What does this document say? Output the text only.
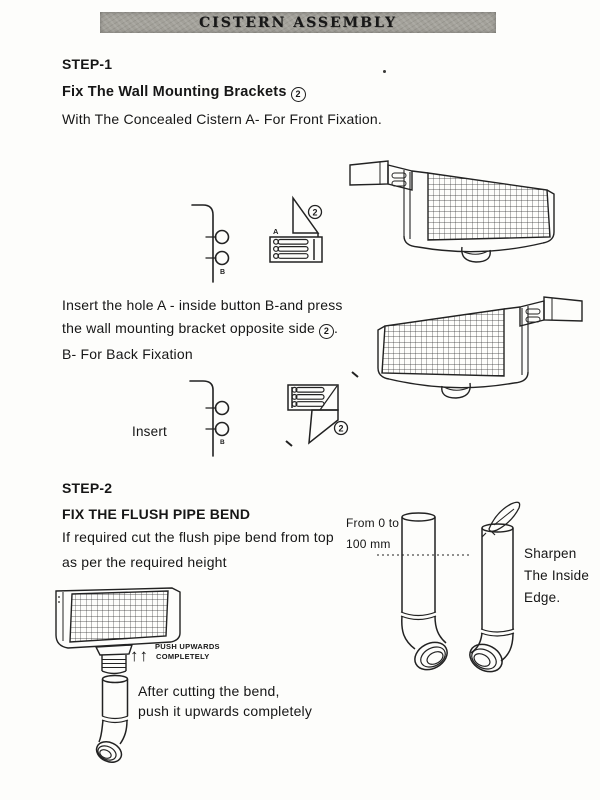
CISTERN ASSEMBLY
STEP-1
Fix The Wall Mounting Brackets 2
With The Concealed Cistern A- For Front Fixation.
Insert the hole A - inside button B-and press
the wall mounting bracket opposite side 2 .
B- For Back Fixation
Insert
B
2
A
B
2
STEP-2
FIX THE FLUSH PIPE BEND
If required cut the flush pipe bend from top
as per the required height
From 0 to
100 mm
Sharpen
The Inside
Edge.
↑↑ PUSH UPWARDS
COMPLETELY
After cutting the bend,
push it upwards completely
